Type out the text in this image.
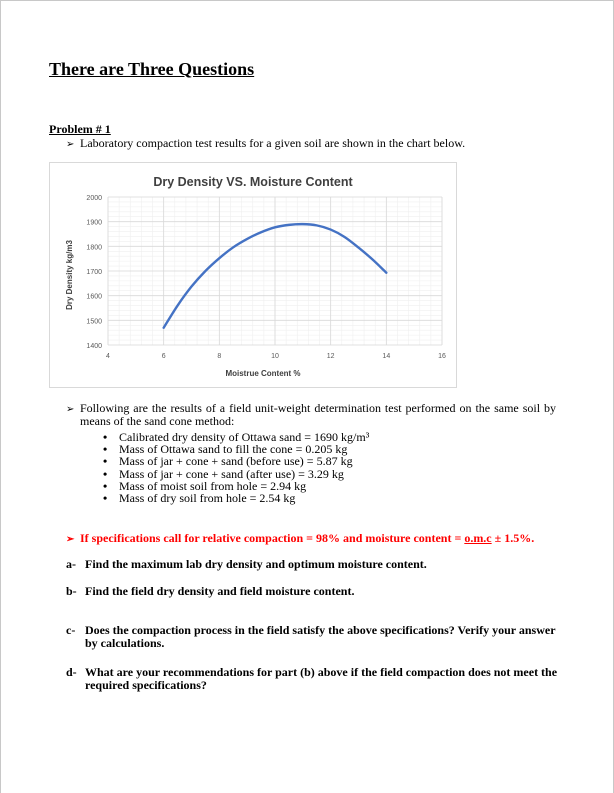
There are Three Questions
Problem # 1
➢ Laboratory compaction test results for a given soil are shown in the chart below.
Dry Density VS. Moisture Content
1400
1500
1600
1700
1800
1900
2000
4	6	8	10	12	14	16
Dry Density kg/m3
Moistrue Content %
➢ Following are the results of a field unit-weight determination test performed on the same soil by means of the sand cone method:
• Calibrated dry density of Ottawa sand = 1690 kg/m³
• Mass of Ottawa sand to fill the cone = 0.205 kg
• Mass of jar + cone + sand (before use) = 5.87 kg
• Mass of jar + cone + sand (after use) = 3.29 kg
• Mass of moist soil from hole = 2.94 kg
• Mass of dry soil from hole = 2.54 kg
➢ If specifications call for relative compaction = 98% and moisture content = o.m.c ± 1.5%.
a- Find the maximum lab dry density and optimum moisture content.
b- Find the field dry density and field moisture content.
c- Does the compaction process in the field satisfy the above specifications? Verify your answer by calculations.
d- What are your recommendations for part (b) above if the field compaction does not meet the required specifications?
